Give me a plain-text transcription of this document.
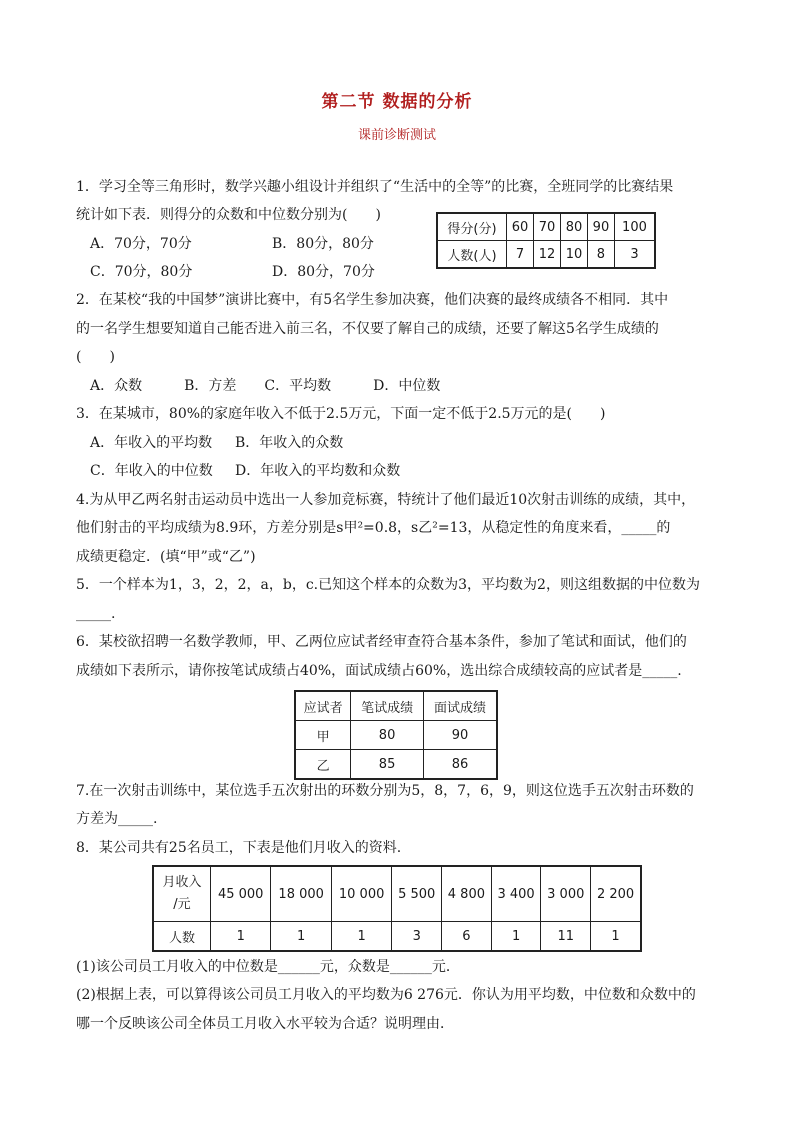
第二节 数据的分析
课前诊断测试
1．学习全等三角形时，数学兴趣小组设计并组织了“生活中的全等”的比赛，全班同学的比赛结果
统计如下表．则得分的众数和中位数分别为(　　)
A．70分，70分	B．80分，80分
C．70分，80分	D．80分，70分
得分(分)	60	70	80	90	100
人数(人)	7	12	10	8	3
2．在某校“我的中国梦”演讲比赛中，有5名学生参加决赛，他们决赛的最终成绩各不相同．其中
的一名学生想要知道自己能否进入前三名，不仅要了解自己的成绩，还要了解这5名学生成绩的
(　　)
A．众数　　　B．方差　　C．平均数　　　D．中位数
3．在某城市，80%的家庭年收入不低于2.5万元，下面一定不低于2.5万元的是(　　)
A．年收入的平均数 B．年收入的众数
C．年收入的中位数 D．年收入的平均数和众数
4.为从甲乙两名射击运动员中选出一人参加竞标赛，特统计了他们最近10次射击训练的成绩，其中，
他们射击的平均成绩为8.9环，方差分别是s甲²=0.8，s乙²=13，从稳定性的角度来看，_____的
成绩更稳定．(填“甲”或“乙”)
5．一个样本为1，3，2，2，a，b，c.已知这个样本的众数为3，平均数为2，则这组数据的中位数为
_____.
6．某校欲招聘一名数学教师，甲、乙两位应试者经审查符合基本条件，参加了笔试和面试，他们的
成绩如下表所示，请你按笔试成绩占40%，面试成绩占60%，选出综合成绩较高的应试者是_____.
应试者	笔试成绩	面试成绩
甲	80	90
乙	85	86
7.在一次射击训练中，某位选手五次射出的环数分别为5，8，7，6，9，则这位选手五次射击环数的
方差为_____.
8．某公司共有25名员工，下表是他们月收入的资料.
月收入
/元	45 000	18 000	10 000	5 500	4 800	3 400	3 000	2 200
人数	1	1	1	3	6	1	11	1
(1)该公司员工月收入的中位数是______元，众数是______元．
(2)根据上表，可以算得该公司员工月收入的平均数为6 276元．你认为用平均数，中位数和众数中的
哪一个反映该公司全体员工月收入水平较为合适？说明理由．
